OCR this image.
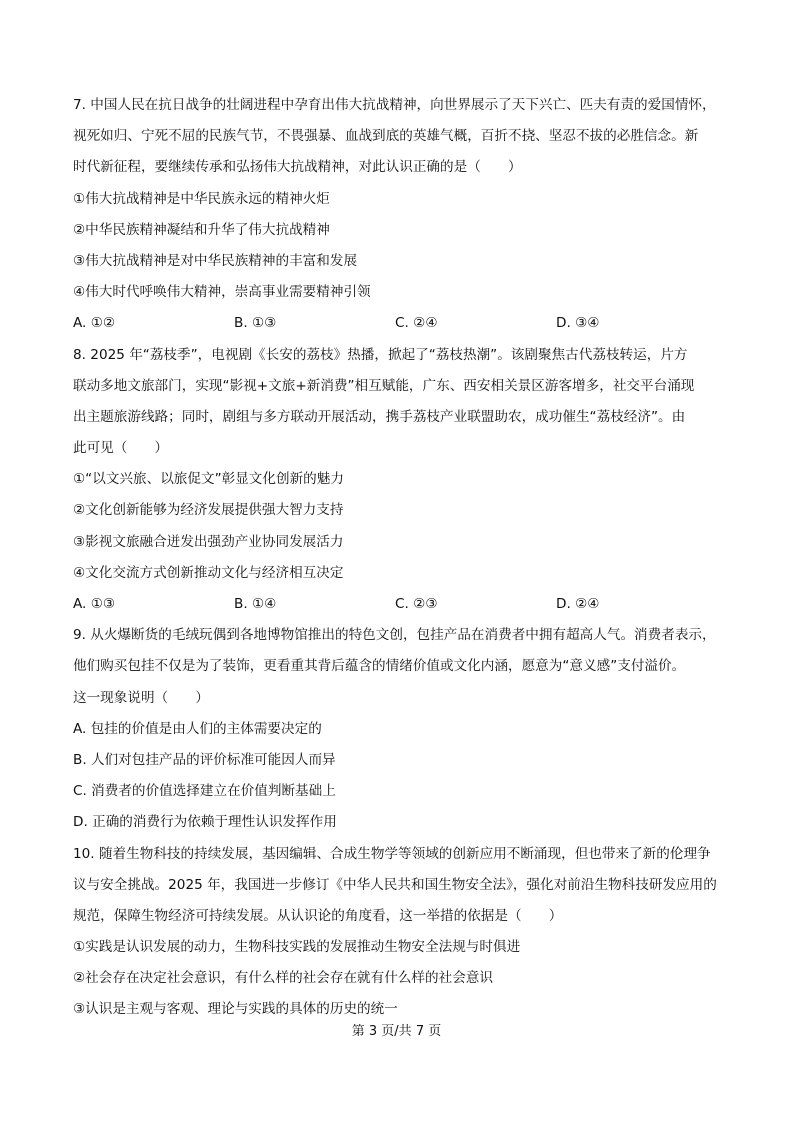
7. 中国人民在抗日战争的壮阔进程中孕育出伟大抗战精神，向世界展示了天下兴亡、匹夫有责的爱国情怀，
视死如归、宁死不屈的民族气节，不畏强暴、血战到底的英雄气概，百折不挠、坚忍不拔的必胜信念。新
时代新征程，要继续传承和弘扬伟大抗战精神，对此认识正确的是（　　）
①伟大抗战精神是中华民族永远的精神火炬
②中华民族精神凝结和升华了伟大抗战精神
③伟大抗战精神是对中华民族精神的丰富和发展
④伟大时代呼唤伟大精神，崇高事业需要精神引领
A. ①②	B. ①③	C. ②④	D. ③④
8. 2025 年“荔枝季”，电视剧《长安的荔枝》热播，掀起了“荔枝热潮”。该剧聚焦古代荔枝转运，片方
联动多地文旅部门，实现“影视+文旅+新消费”相互赋能，广东、西安相关景区游客增多，社交平台涌现
出主题旅游线路；同时，剧组与多方联动开展活动，携手荔枝产业联盟助农，成功催生“荔枝经济”。由
此可见（　　）
①“以文兴旅、以旅促文”彰显文化创新的魅力
②文化创新能够为经济发展提供强大智力支持
③影视文旅融合迸发出强劲产业协同发展活力
④文化交流方式创新推动文化与经济相互决定
A. ①③	B. ①④	C. ②③	D. ②④
9. 从火爆断货的毛绒玩偶到各地博物馆推出的特色文创，包挂产品在消费者中拥有超高人气。消费者表示，
他们购买包挂不仅是为了装饰，更看重其背后蕴含的情绪价值或文化内涵，愿意为“意义感”支付溢价。
这一现象说明（　　）
A. 包挂的价值是由人们的主体需要决定的
B. 人们对包挂产品的评价标准可能因人而异
C. 消费者的价值选择建立在价值判断基础上
D. 正确的消费行为依赖于理性认识发挥作用
10. 随着生物科技的持续发展，基因编辑、合成生物学等领域的创新应用不断涌现，但也带来了新的伦理争
议与安全挑战。2025 年，我国进一步修订《中华人民共和国生物安全法》，强化对前沿生物科技研发应用的
规范，保障生物经济可持续发展。从认识论的角度看，这一举措的依据是（　　）
①实践是认识发展的动力，生物科技实践的发展推动生物安全法规与时俱进
②社会存在决定社会意识，有什么样的社会存在就有什么样的社会意识
③认识是主观与客观、理论与实践的具体的历史的统一
第 3 页/共 7 页
